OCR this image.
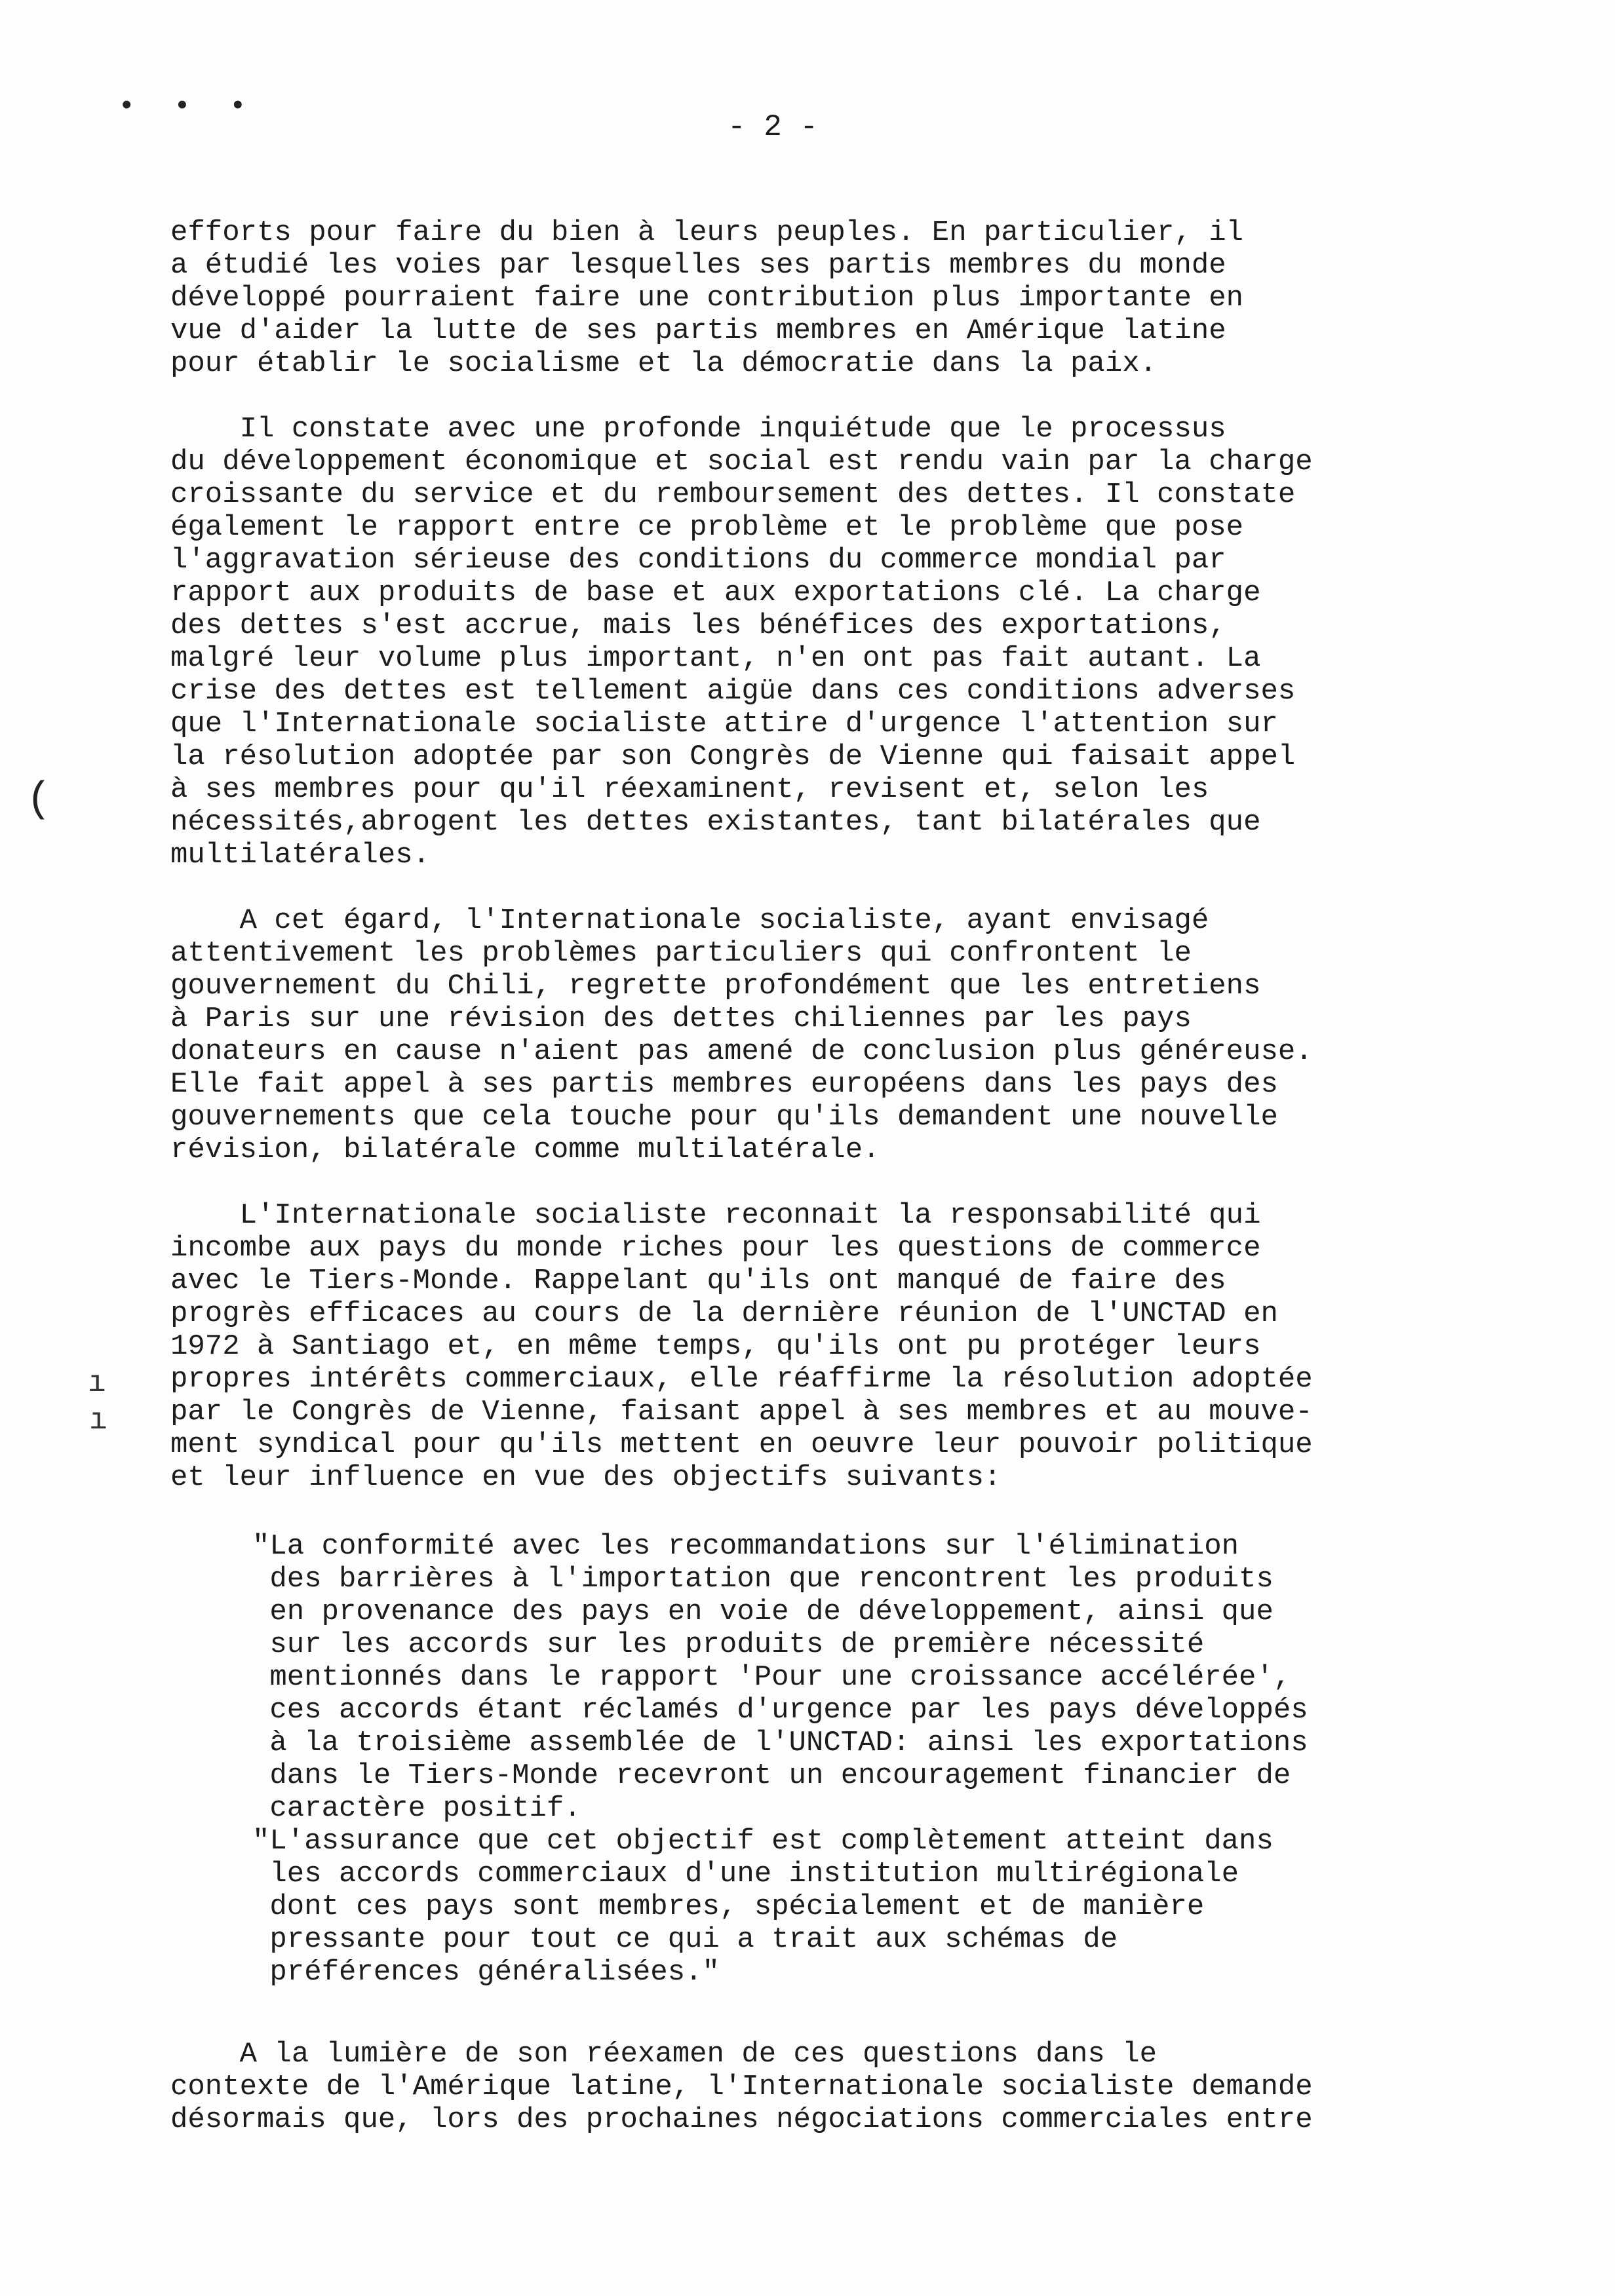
• • •
- 2 -
(
ı
ı

efforts pour faire du bien à leurs peuples. En particulier, il
a étudié les voies par lesquelles ses partis membres du monde
développé pourraient faire une contribution plus importante en
vue d'aider la lutte de ses partis membres en Amérique latine
pour établir le socialisme et la démocratie dans la paix.

Il constate avec une profonde inquiétude que le processus
du développement économique et social est rendu vain par la charge
croissante du service et du remboursement des dettes. Il constate
également le rapport entre ce problème et le problème que pose
l'aggravation sérieuse des conditions du commerce mondial par
rapport aux produits de base et aux exportations clé. La charge
des dettes s'est accrue, mais les bénéfices des exportations,
malgré leur volume plus important, n'en ont pas fait autant. La
crise des dettes est tellement aigüe dans ces conditions adverses
que l'Internationale socialiste attire d'urgence l'attention sur
la résolution adoptée par son Congrès de Vienne qui faisait appel
à ses membres pour qu'il réexaminent, revisent et, selon les
nécessités,abrogent les dettes existantes, tant bilatérales que
multilatérales.

A cet égard, l'Internationale socialiste, ayant envisagé
attentivement les problèmes particuliers qui confrontent le
gouvernement du Chili, regrette profondément que les entretiens
à Paris sur une révision des dettes chiliennes par les pays
donateurs en cause n'aient pas amené de conclusion plus généreuse.
Elle fait appel à ses partis membres européens dans les pays des
gouvernements que cela touche pour qu'ils demandent une nouvelle
révision, bilatérale comme multilatérale.

L'Internationale socialiste reconnait la responsabilité qui
incombe aux pays du monde riches pour les questions de commerce
avec le Tiers-Monde. Rappelant qu'ils ont manqué de faire des
progrès efficaces au cours de la dernière réunion de l'UNCTAD en
1972 à Santiago et, en même temps, qu'ils ont pu protéger leurs
propres intérêts commerciaux, elle réaffirme la résolution adoptée
par le Congrès de Vienne, faisant appel à ses membres et au mouve-
ment syndical pour qu'ils mettent en oeuvre leur pouvoir politique
et leur influence en vue des objectifs suivants:

"La conformité avec les recommandations sur l'élimination
des barrières à l'importation que rencontrent les produits
en provenance des pays en voie de développement, ainsi que
sur les accords sur les produits de première nécessité
mentionnés dans le rapport 'Pour une croissance accélérée',
ces accords étant réclamés d'urgence par les pays développés
à la troisième assemblée de l'UNCTAD: ainsi les exportations
dans le Tiers-Monde recevront un encouragement financier de
caractère positif.

"L'assurance que cet objectif est complètement atteint dans
les accords commerciaux d'une institution multirégionale
dont ces pays sont membres, spécialement et de manière
pressante pour tout ce qui a trait aux schémas de
préférences généralisées."

A la lumière de son réexamen de ces questions dans le
contexte de l'Amérique latine, l'Internationale socialiste demande
désormais que, lors des prochaines négociations commerciales entre
